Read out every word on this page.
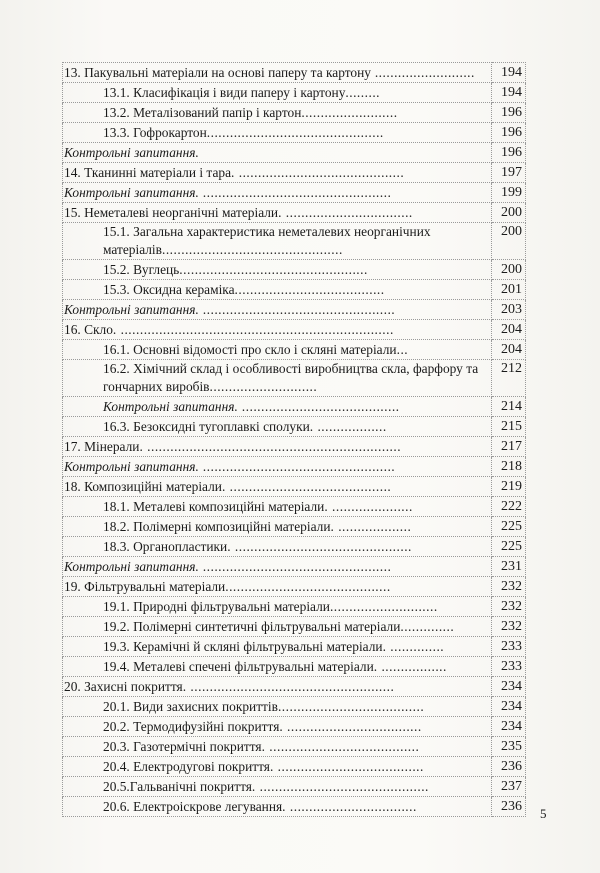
13. Пакувальні матеріали на основі паперу та картону ..........................	194
13.1. Класифікація і види паперу і картону.........	194
13.2. Металізований папір і картон.........................	196
13.3. Гофрокартон..............................................	196
Контрольні запитання.	196
14. Тканинні матеріали і тара. ...........................................	197
Контрольні запитання. .................................................	199
15. Неметалеві неорганічні матеріали. .................................	200
15.1. Загальна характеристика неметалевих неорганічних матеріалів...............................................	200
15.2. Вуглець.................................................	200
15.3. Оксидна кераміка.......................................	201
Контрольні запитання. ..................................................	203
16. Скло. .......................................................................	204
16.1. Основні відомості про скло і скляні матеріали...	204
16.2. Хімічний склад і особливості виробництва скла, фарфору та гончарних виробів............................	212
Контрольні запитання. .........................................	214
16.3. Безоксидні тугоплавкі сполуки. ..................	215
17. Мінерали. ..................................................................	217
Контрольні запитання. ..................................................	218
18. Композиційні матеріали. ..........................................	219
18.1. Металеві композиційні матеріали. .....................	222
18.2. Полімерні композиційні матеріали. ...................	225
18.3. Органопластики. ..............................................	225
Контрольні запитання. .................................................	231
19. Фільтрувальні матеріали...........................................	232
19.1. Природні фільтрувальні матеріали............................	232
19.2. Полімерні синтетичні фільтрувальні матеріали..............	232
19.3. Керамічні й скляні фільтрувальні матеріали. ..............	233
19.4. Металеві спечені фільтрувальні матеріали. .................	233
20. Захисні покриття. .....................................................	234
20.1. Види захисних покриттів......................................	234
20.2. Термодифузійні покриття. ...................................	234
20.3. Газотермічні покриття. .......................................	235
20.4. Електродугові покриття. ......................................	236
20.5.Гальванічні покриття. ............................................	237
20.6. Електроіскрове легування. .................................	236 5
